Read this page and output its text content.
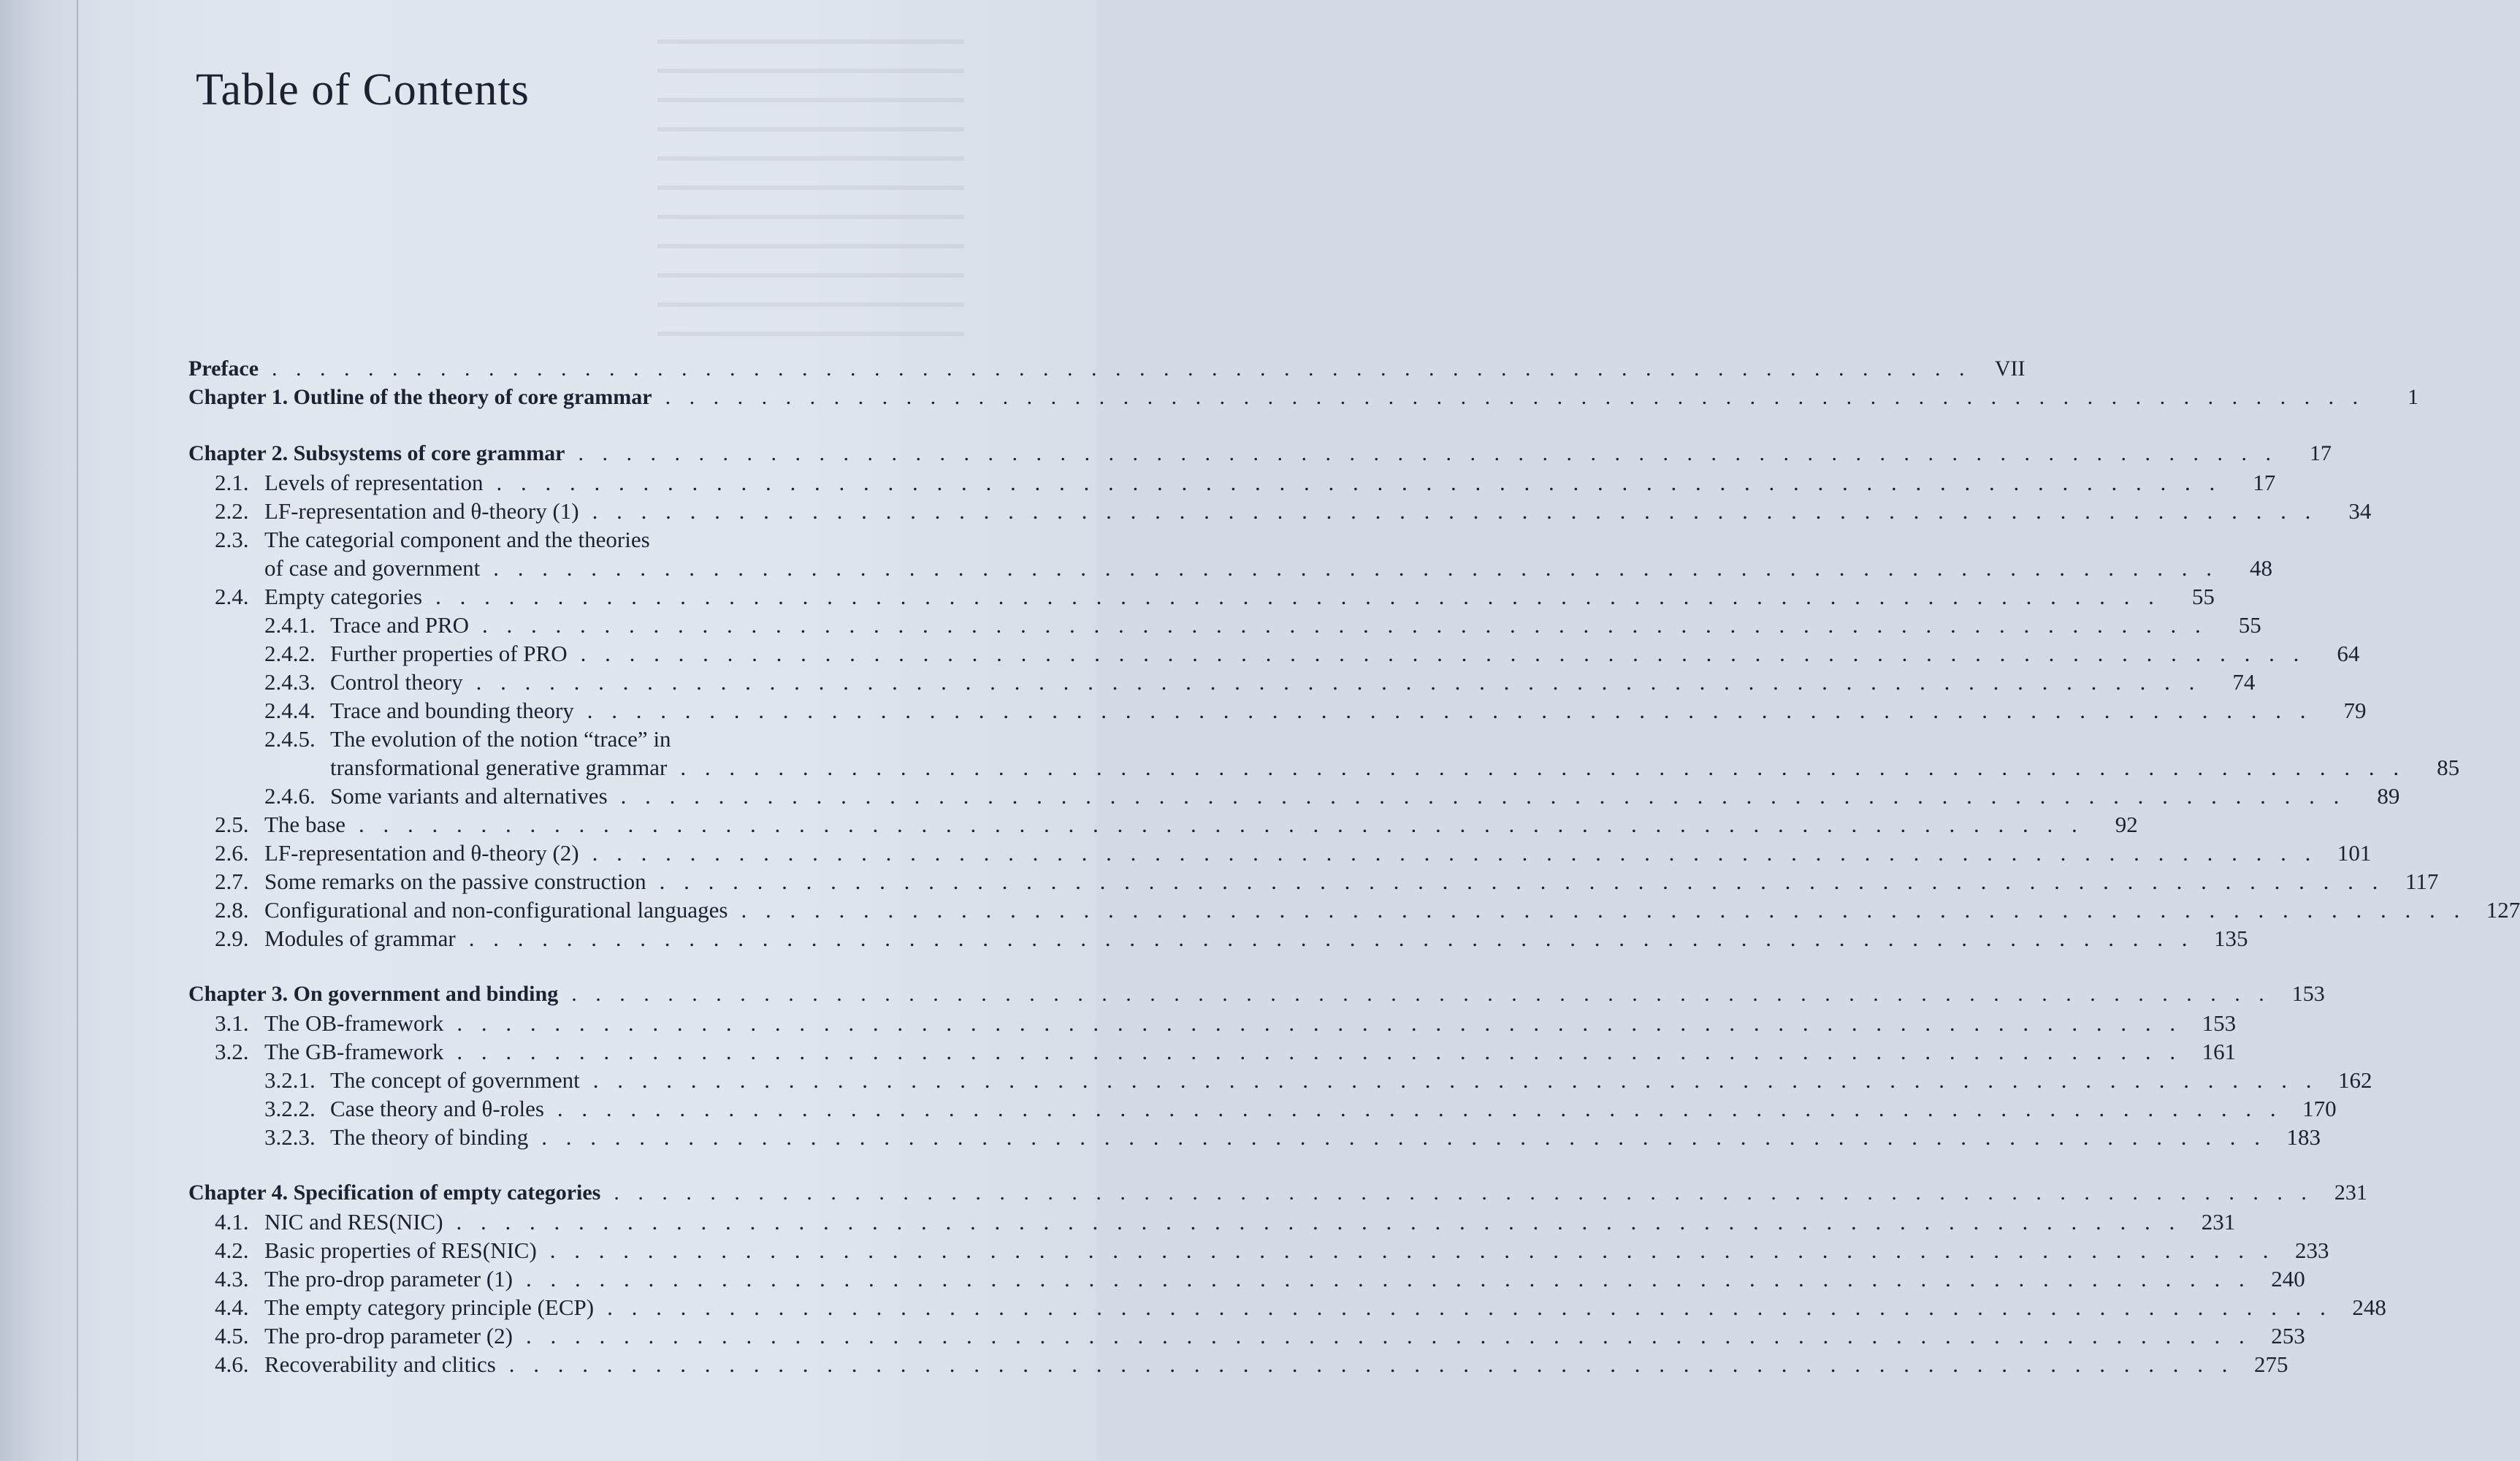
Table of Contents
Preface . . . . . . . . . . . . . . . . . . . . . . . . . . . . . . . . . . . . . . . . . . . . . . . . . . . . . . . . . . . . . . . . . . . . . . .	VII
Chapter 1. Outline of the theory of core grammar . . . . . . . . . . . . . . . . . . . . . . . . . . . . . . . . . . . . . . . . . . . . . . . . . . . . . . . . . . . . . . . . . . . . . . .	1
Chapter 2. Subsystems of core grammar . . . . . . . . . . . . . . . . . . . . . . . . . . . . . . . . . . . . . . . . . . . . . . . . . . . . . . . . . . . . . . . . . . . . . . .	17
2.1. Levels of representation . . . . . . . . . . . . . . . . . . . . . . . . . . . . . . . . . . . . . . . . . . . . . . . . . . . . . . . . . . . . . . . . . . . . . . .	17
2.2. LF-representation and θ-theory (1) . . . . . . . . . . . . . . . . . . . . . . . . . . . . . . . . . . . . . . . . . . . . . . . . . . . . . . . . . . . . . . . . . . . . . . .	34
2.3. The categorial component and the theories
of case and government . . . . . . . . . . . . . . . . . . . . . . . . . . . . . . . . . . . . . . . . . . . . . . . . . . . . . . . . . . . . . . . . . . . . . . .	48
2.4. Empty categories . . . . . . . . . . . . . . . . . . . . . . . . . . . . . . . . . . . . . . . . . . . . . . . . . . . . . . . . . . . . . . . . . . . . . . .	55
2.4.1. Trace and PRO . . . . . . . . . . . . . . . . . . . . . . . . . . . . . . . . . . . . . . . . . . . . . . . . . . . . . . . . . . . . . . . . . . . . . . .	55
2.4.2. Further properties of PRO . . . . . . . . . . . . . . . . . . . . . . . . . . . . . . . . . . . . . . . . . . . . . . . . . . . . . . . . . . . . . . . . . . . . . . .	64
2.4.3. Control theory . . . . . . . . . . . . . . . . . . . . . . . . . . . . . . . . . . . . . . . . . . . . . . . . . . . . . . . . . . . . . . . . . . . . . . .	74
2.4.4. Trace and bounding theory . . . . . . . . . . . . . . . . . . . . . . . . . . . . . . . . . . . . . . . . . . . . . . . . . . . . . . . . . . . . . . . . . . . . . . .	79
2.4.5. The evolution of the notion “trace” in
transformational generative grammar . . . . . . . . . . . . . . . . . . . . . . . . . . . . . . . . . . . . . . . . . . . . . . . . . . . . . . . . . . . . . . . . . . . . . . .	85
2.4.6. Some variants and alternatives . . . . . . . . . . . . . . . . . . . . . . . . . . . . . . . . . . . . . . . . . . . . . . . . . . . . . . . . . . . . . . . . . . . . . . .	89
2.5. The base . . . . . . . . . . . . . . . . . . . . . . . . . . . . . . . . . . . . . . . . . . . . . . . . . . . . . . . . . . . . . . . . . . . . . . .	92
2.6. LF-representation and θ-theory (2) . . . . . . . . . . . . . . . . . . . . . . . . . . . . . . . . . . . . . . . . . . . . . . . . . . . . . . . . . . . . . . . . . . . . . . . 101
2.7. Some remarks on the passive construction . . . . . . . . . . . . . . . . . . . . . . . . . . . . . . . . . . . . . . . . . . . . . . . . . . . . . . . . . . . . . . . . . . . . . . . 117
2.8. Configurational and non-configurational languages . . . . . . . . . . . . . . . . . . . . . . . . . . . . . . . . . . . . . . . . . . . . . . . . . . . . . . . . . . . . . . . . . . . . . . . 127
2.9. Modules of grammar . . . . . . . . . . . . . . . . . . . . . . . . . . . . . . . . . . . . . . . . . . . . . . . . . . . . . . . . . . . . . . . . . . . . . . . 135
Chapter 3. On government and binding . . . . . . . . . . . . . . . . . . . . . . . . . . . . . . . . . . . . . . . . . . . . . . . . . . . . . . . . . . . . . . . . . . . . . . . 153
3.1. The OB-framework . . . . . . . . . . . . . . . . . . . . . . . . . . . . . . . . . . . . . . . . . . . . . . . . . . . . . . . . . . . . . . . . . . . . . . . 153
3.2. The GB-framework . . . . . . . . . . . . . . . . . . . . . . . . . . . . . . . . . . . . . . . . . . . . . . . . . . . . . . . . . . . . . . . . . . . . . . . 161
3.2.1. The concept of government . . . . . . . . . . . . . . . . . . . . . . . . . . . . . . . . . . . . . . . . . . . . . . . . . . . . . . . . . . . . . . . . . . . . . . . 162
3.2.2. Case theory and θ-roles . . . . . . . . . . . . . . . . . . . . . . . . . . . . . . . . . . . . . . . . . . . . . . . . . . . . . . . . . . . . . . . . . . . . . . . 170
3.2.3. The theory of binding . . . . . . . . . . . . . . . . . . . . . . . . . . . . . . . . . . . . . . . . . . . . . . . . . . . . . . . . . . . . . . . . . . . . . . . 183
Chapter 4. Specification of empty categories . . . . . . . . . . . . . . . . . . . . . . . . . . . . . . . . . . . . . . . . . . . . . . . . . . . . . . . . . . . . . . . . . . . . . . . 231
4.1. NIC and RES(NIC) . . . . . . . . . . . . . . . . . . . . . . . . . . . . . . . . . . . . . . . . . . . . . . . . . . . . . . . . . . . . . . . . . . . . . . . 231
4.2. Basic properties of RES(NIC) . . . . . . . . . . . . . . . . . . . . . . . . . . . . . . . . . . . . . . . . . . . . . . . . . . . . . . . . . . . . . . . . . . . . . . . 233
4.3. The pro-drop parameter (1) . . . . . . . . . . . . . . . . . . . . . . . . . . . . . . . . . . . . . . . . . . . . . . . . . . . . . . . . . . . . . . . . . . . . . . . 240
4.4. The empty category principle (ECP) . . . . . . . . . . . . . . . . . . . . . . . . . . . . . . . . . . . . . . . . . . . . . . . . . . . . . . . . . . . . . . . . . . . . . . . 248
4.5. The pro-drop parameter (2) . . . . . . . . . . . . . . . . . . . . . . . . . . . . . . . . . . . . . . . . . . . . . . . . . . . . . . . . . . . . . . . . . . . . . . . 253
4.6. Recoverability and clitics . . . . . . . . . . . . . . . . . . . . . . . . . . . . . . . . . . . . . . . . . . . . . . . . . . . . . . . . . . . . . . . . . . . . . . . 275
